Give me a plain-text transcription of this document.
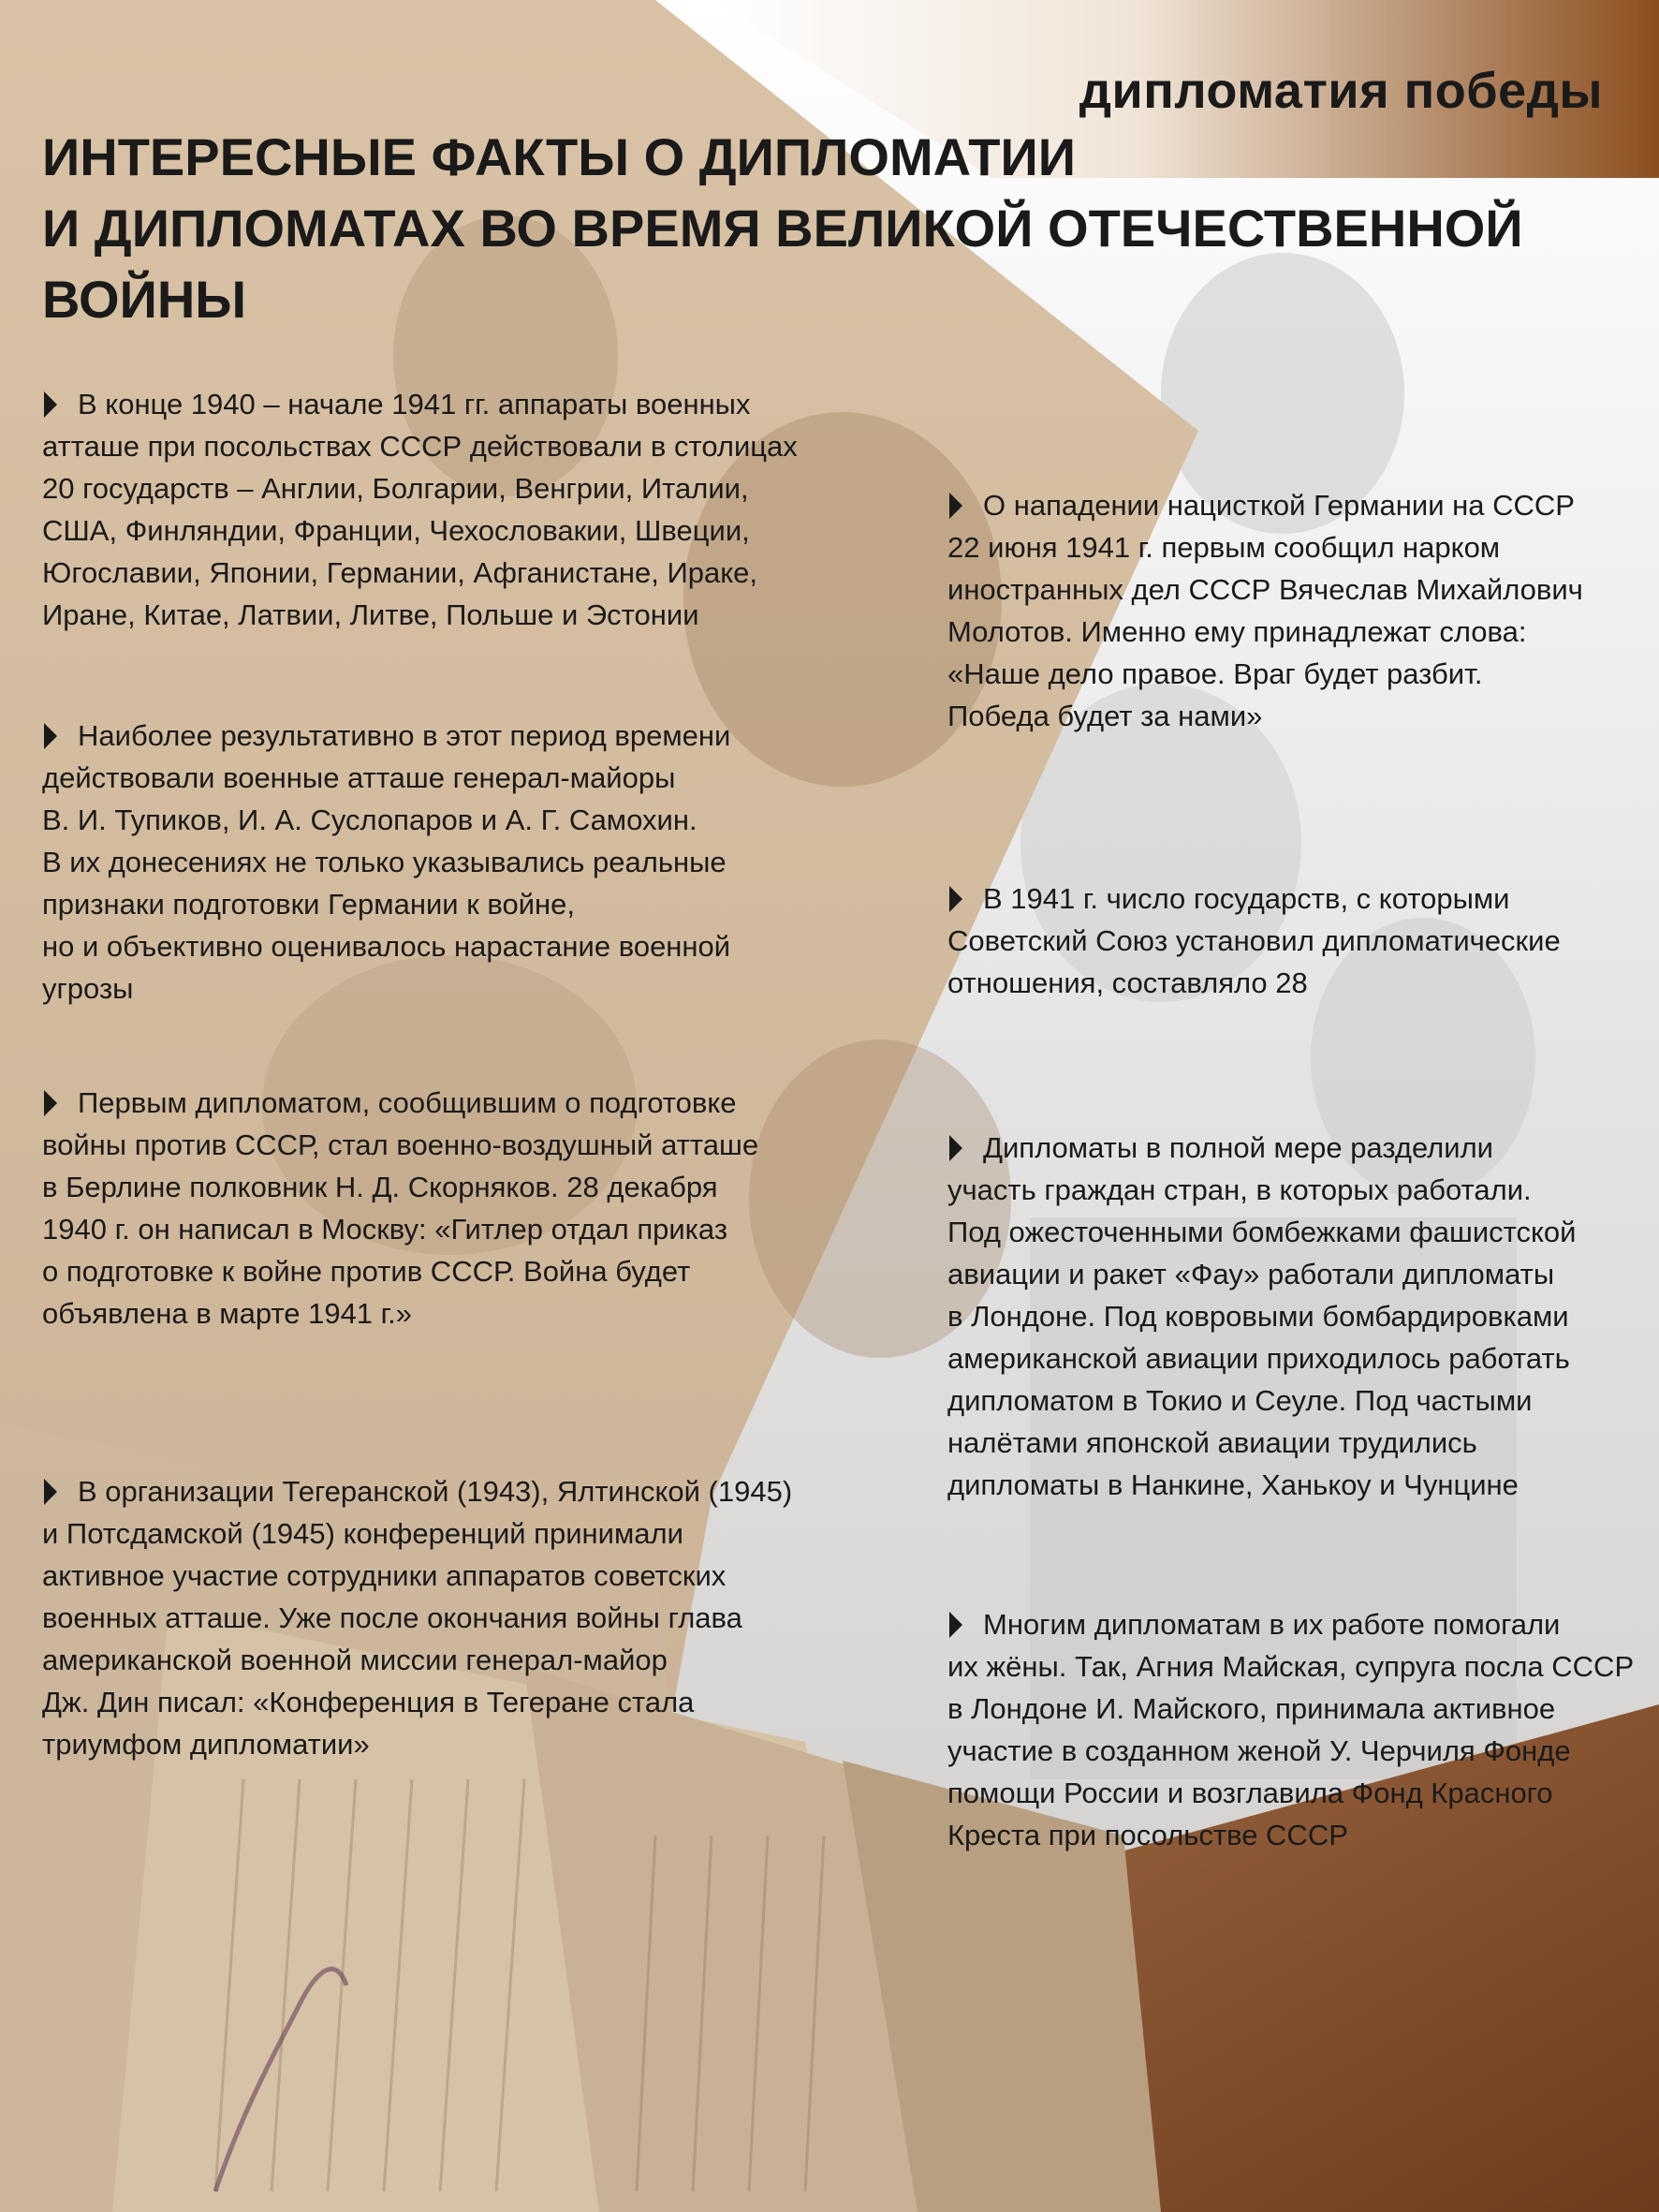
дипломатия победы
ИНТЕРЕСНЫЕ ФАКТЫ О ДИПЛОМАТИИ
И ДИПЛОМАТАХ ВО ВРЕМЯ ВЕЛИКОЙ ОТЕЧЕСТВЕННОЙ ВОЙНЫ

В конце 1940 – начале 1941 гг. аппараты военных
атташе при посольствах СССР действовали в столицах
20 государств – Англии, Болгарии, Венгрии, Италии,
США, Финляндии, Франции, Чехословакии, Швеции,
Югославии, Японии, Германии, Афганистане, Ираке,
Иране, Китае, Латвии, Литве, Польше и Эстонии

Наиболее результативно в этот период времени
действовали военные атташе генерал-майоры
В. И. Тупиков, И. А. Суслопаров и А. Г. Самохин.
В их донесениях не только указывались реальные
признаки подготовки Германии к войне,
но и объективно оценивалось нарастание военной
угрозы

Первым дипломатом, сообщившим о подготовке
войны против СССР, стал военно-воздушный атташе
в Берлине полковник Н. Д. Скорняков. 28 декабря
1940 г. он написал в Москву: «Гитлер отдал приказ
о подготовке к войне против СССР. Война будет
объявлена в марте 1941 г.»

В организации Тегеранской (1943), Ялтинской (1945)
и Потсдамской (1945) конференций принимали
активное участие сотрудники аппаратов советских
военных атташе. Уже после окончания войны глава
американской военной миссии генерал-майор
Дж. Дин писал: «Конференция в Тегеране стала
триумфом дипломатии»

О нападении нацисткой Германии на СССР
22 июня 1941 г. первым сообщил нарком
иностранных дел СССР Вячеслав Михайлович
Молотов. Именно ему принадлежат слова:
«Наше дело правое. Враг будет разбит.
Победа будет за нами»

В 1941 г. число государств, с которыми
Советский Союз установил дипломатические
отношения, составляло 28

Дипломаты в полной мере разделили
участь граждан стран, в которых работали.
Под ожесточенными бомбежками фашистской
авиации и ракет «Фау» работали дипломаты
в Лондоне. Под ковровыми бомбардировками
американской авиации приходилось работать
дипломатом в Токио и Сеуле. Под частыми
налётами японской авиации трудились
дипломаты в Нанкине, Ханькоу и Чунцине

Многим дипломатам в их работе помогали
их жёны. Так, Агния Майская, супруга посла СССР
в Лондоне И. Майского, принимала активное
участие в созданном женой У. Черчиля Фонде
помощи России и возглавила Фонд Красного
Креста при посольстве СССР
